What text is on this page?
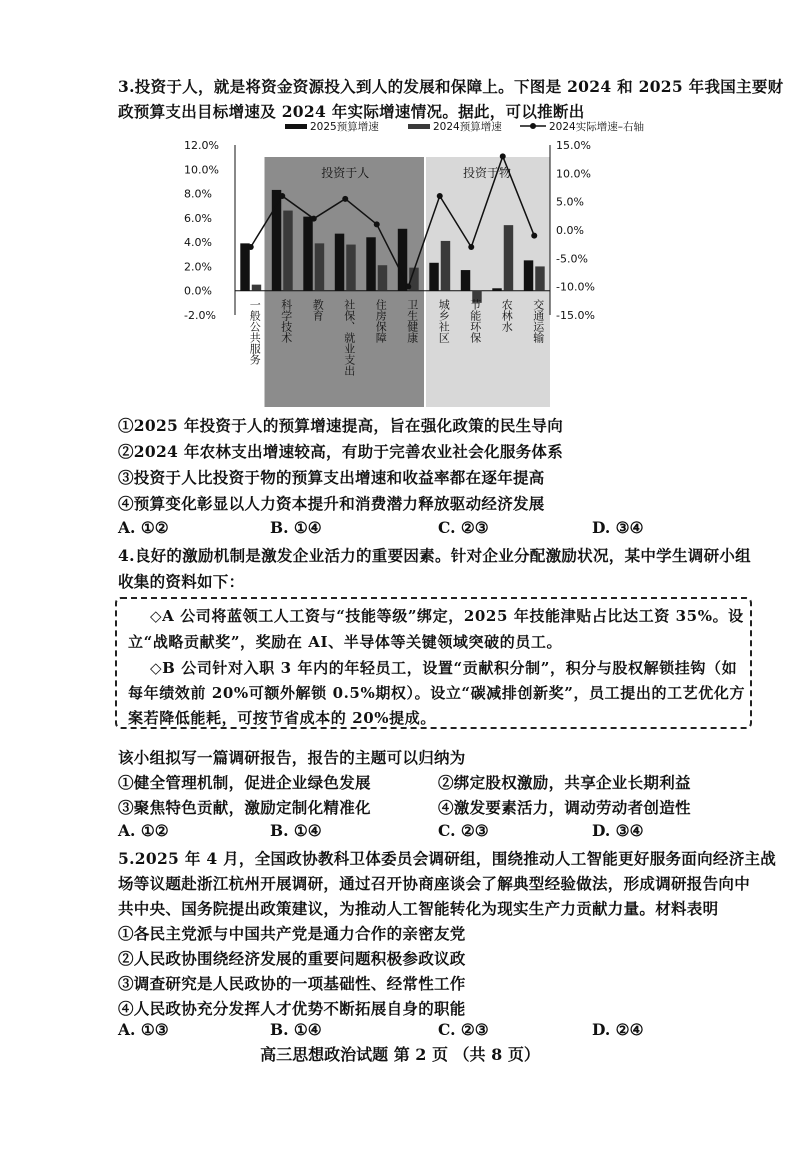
3.投资于人，就是将资金资源投入到人的发展和保障上。下图是 2024 和 2025 年我国主要财
政预算支出目标增速及 2024 年实际增速情况。据此，可以推断出
投资于人	投资于物
-2.0%
0.0%
2.0%
4.0%
6.0%
8.0%
10.0%
12.0%
-15.0%
-10.0%
-5.0%
0.0%
5.0%
10.0%
15.0%
一般公共服务 科学技术 教育 社保、就业支出 住房保障 卫生健康 城乡社区 节能环保 农林水 交通运输
2025预算增速	2024预算增速	2024实际增速–右轴
①2025 年投资于人的预算增速提高，旨在强化政策的民生导向
②2024 年农林支出增速较高，有助于完善农业社会化服务体系
③投资于人比投资于物的预算支出增速和收益率都在逐年提高
④预算变化彰显以人力资本提升和消费潜力释放驱动经济发展
A. ①②	B. ①④	C. ②③	D. ③④
4.良好的激励机制是激发企业活力的重要因素。针对企业分配激励状况，某中学生调研小组
收集的资料如下：
◇A 公司将蓝领工人工资与“技能等级”绑定，2025 年技能津贴占比达工资 35%。设
立“战略贡献奖”，奖励在 AI、半导体等关键领域突破的员工。
◇B 公司针对入职 3 年内的年轻员工，设置“贡献积分制”，积分与股权解锁挂钩（如
每年绩效前 20%可额外解锁 0.5%期权）。设立“碳减排创新奖”，员工提出的工艺优化方
案若降低能耗，可按节省成本的 20%提成。
该小组拟写一篇调研报告，报告的主题可以归纳为
①健全管理机制，促进企业绿色发展	②绑定股权激励，共享企业长期利益
③聚焦特色贡献，激励定制化精准化	④激发要素活力，调动劳动者创造性
A. ①②	B. ①④	C. ②③	D. ③④
5.2025 年 4 月，全国政协教科卫体委员会调研组，围绕推动人工智能更好服务面向经济主战
场等议题赴浙江杭州开展调研，通过召开协商座谈会了解典型经验做法，形成调研报告向中
共中央、国务院提出政策建议，为推动人工智能转化为现实生产力贡献力量。材料表明
①各民主党派与中国共产党是通力合作的亲密友党
②人民政协围绕经济发展的重要问题积极参政议政
③调查研究是人民政协的一项基础性、经常性工作
④人民政协充分发挥人才优势不断拓展自身的职能
A. ①③	B. ①④	C. ②③	D. ②④
高三思想政治试题 第 2 页 （共 8 页）
